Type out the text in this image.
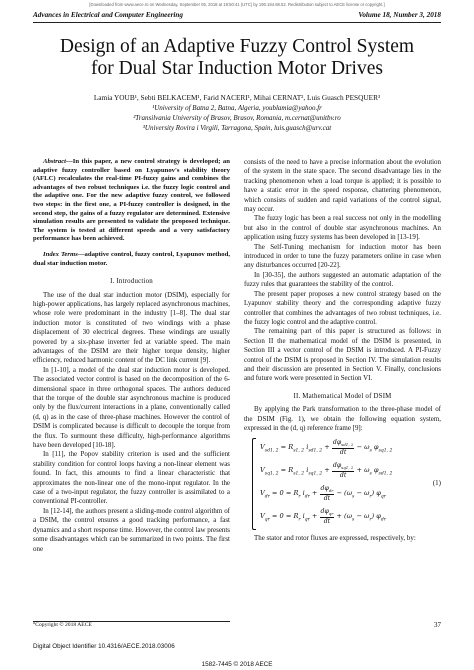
[Downloaded from www.aece.ro on Wednesday, September 05, 2018 at 19:50:41 (UTC) by 190.194.68.52. Redistribution subject to AECE license or copyright.]
Advances in Electrical and Computer Engineering	Volume 18, Number 3, 2018
Design of an Adaptive Fuzzy Control System
for Dual Star Induction Motor Drives
Lamia YOUB¹, Sebti BELKACEM¹, Farid NACERI¹, Mihai CERNAT², Luis Guasch PESQUER³
¹University of Batna 2, Batna, Algeria, youblamia@yahoo.fr
²Transilvania University of Brasov, Brasov, Romania, m.cernat@unitbv.ro
³University Rovira i Virgili, Tarragona, Spain, luis.guasch@urv.cat

Abstract—In this paper, a new control strategy is developed; an adaptive fuzzy controller based on Lyapunov's stability theory (AFLC) recalculates the real-time PI-fuzzy gains and combines the advantages of two robust techniques i.e. the fuzzy logic control and the adaptive one. For the new adaptive fuzzy control, we followed two steps: in the first one, a PI-fuzzy controller is designed, in the second step, the gains of a fuzzy regulator are determined. Extensive simulation results are presented to validate the proposed technique. The system is tested at different speeds and a very satisfactory performance has been achieved.

Index Terms—adaptive control, fuzzy control, Lyapunov method, dual star induction motor.

I. Introduction

The use of the dual star induction motor (DSIM), especially for high-power applications, has largely replaced asynchronous machines, whose role were predominant in the industry [1–8]. The dual star induction motor is constituted of two windings with a phase displacement of 30 electrical degrees. These windings are usually powered by a six-phase inverter fed at variable speed. The main advantages of the DSIM are their higher torque density, higher efficiency, reduced harmonic content of the DC link current [9].

In [1-10], a model of the dual star induction motor is developed. The associated vector control is based on the decomposition of the 6-dimensional space in three orthogonal spaces. The authors deduced that the torque of the double star asynchronous machine is produced only by the flux/current interactions in a plane, conventionally called (d, q) as in the case of three-phase machines. However the control of DSIM is complicated because is difficult to decouple the torque from the flux. To surmount these difficulty, high-performance algorithms have been developed [10-18].

In [11], the Popov stability criterion is used and the sufficient stability condition for control loops having a non-linear element was found. In fact, this amounts to find a linear characteristic that approximates the non-linear one of the mono-input regulator. In the case of a two-input regulator, the fuzzy controller is assimilated to a conventional PI-controller.

In [12-14], the authors present a sliding-mode control algorithm of a DSIM, the control ensures a good tracking performance, a fast dynamics and a short response time. However, the control law presents some disadvantages which can be summarized in two points. The first one

consists of the need to have a precise information about the evolution of the system in the state space. The second disadvantage lies in the tracking phenomenon when a load torque is applied; it is possible to have a static error in the speed response, chattering phenomenon, which consists of sudden and rapid variations of the control signal, may occur.

The fuzzy logic has been a real success not only in the modelling but also in the control of double star asynchronous machines. An application using fuzzy systems has been developed in [13-19].

The Self-Tuning mechanism for induction motor has been introduced in order to tune the fuzzy parameters online in case when any disturbances occurred [20-22].

In [30-35], the authors suggested an automatic adaptation of the fuzzy rules that guarantees the stability of the control.

The present paper proposes a new control strategy based on the Lyapunov stability theory and the corresponding adaptive fuzzy controller that combines the advantages of two robust techniques, i.e. the fuzzy logic control and the adaptive control.

The remaining part of this paper is structured as follows: in Section II the mathematical model of the DSIM is presented, in Section III a vector control of the DSIM is introduced. A PI-Fuzzy control of the DSIM is proposed in Section IV. The simulation results and their discussion are presented in Section V. Finally, conclusions and future work were presented in Section VI.

II. Mathematical Model of DSIM

By applying the Park transformation to the three-phase model of the DSIM (Fig. 1), we obtain the following equation system, expressed in the (d, q) reference frame [9]:

$V_{sd1, 2} = R_{s1, 2}$ $i_{sd1, 2} + \frac{d\varphi_{sd1, 2}}{dt} - \omega_s$ $\varphi_{sq1, 2}$
$V_{sq1, 2} = R_{s1, 2}$ $i_{sq1, 2} + \frac{d\varphi_{sq1, 2}}{dt} + \omega_s$ $\varphi_{sd1, 2}$
$V_{dr} = 0 = R_r$ $i_{dr} + \frac{d\varphi_{dr}}{dt} - (\omega_s - \omega_r)$ $\varphi_{qr}$
$V_{qr} = 0 = R_r$ $i_{qr} + \frac{d\varphi_{qr}}{dt} + (\omega_s - \omega_r)$ $\varphi_{dr}$
(1)

The stator and rotor fluxes are expressed, respectively, by:

⁰Copyright © 2018 AECE	37
Digital Object Identifier 10.4316/AECE.2018.03006
1582-7445 © 2018 AECE
